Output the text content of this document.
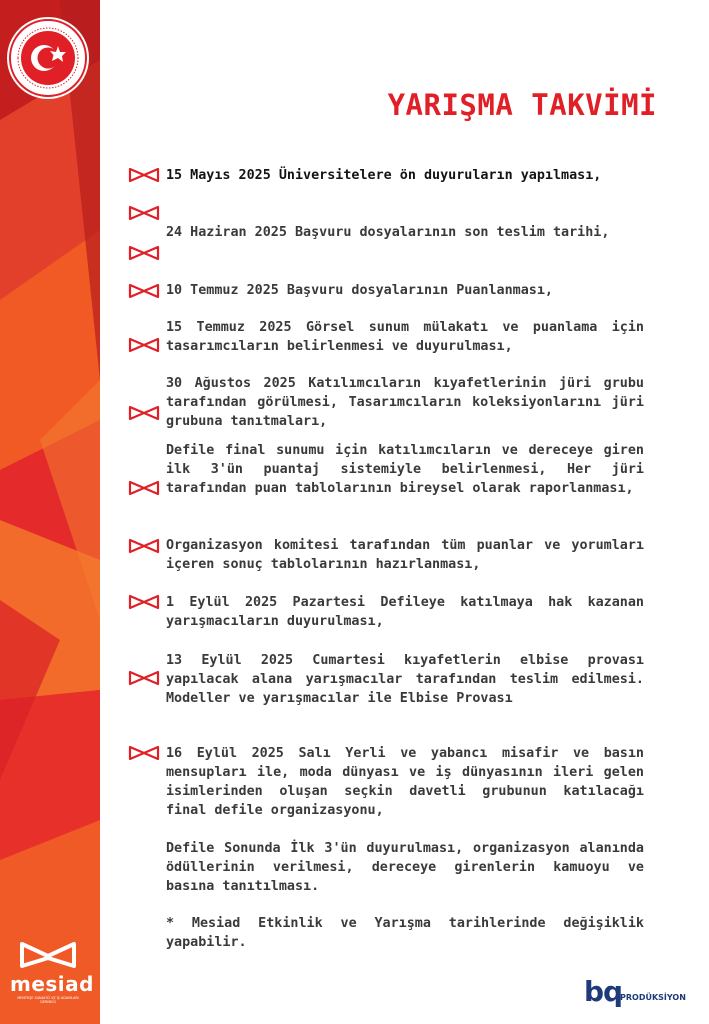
mesiad
MENTEŞE SANAYİCİ VE İŞ ADAMLARI DERNEĞİ
YARIŞMA TAKVİMİ
15 Mayıs 2025 Üniversitelere ön duyuruların yapılması,
24 Haziran 2025 Başvuru dosyalarının son teslim tarihi,
10 Temmuz 2025 Başvuru dosyalarının Puanlanması,
15 Temmuz 2025 Görsel sunum mülakatı ve puanlama için tasarımcıların belirlenmesi ve duyurulması,
30 Ağustos 2025 Katılımcıların kıyafetlerinin jüri grubu tarafından görülmesi, Tasarımcıların koleksiyonlarını jüri grubuna tanıtmaları,
Defile final sunumu için katılımcıların ve dereceye giren ilk 3'ün puantaj sistemiyle belirlenmesi, Her jüri tarafından puan tablolarının bireysel olarak raporlanması,
Organizasyon komitesi tarafından tüm puanlar ve yorumları içeren sonuç tablolarının hazırlanması,
1 Eylül 2025 Pazartesi Defileye katılmaya hak kazanan yarışmacıların duyurulması,
13 Eylül 2025 Cumartesi kıyafetlerin elbise provası yapılacak alana yarışmacılar tarafından teslim edilmesi. Modeller ve yarışmacılar ile Elbise Provası
16 Eylül 2025 Salı Yerli ve yabancı misafir ve basın mensupları ile, moda dünyası ve iş dünyasının ileri gelen isimlerinden oluşan seçkin davetli grubunun katılacağı final defile organizasyonu,
Defile Sonunda İlk 3'ün duyurulması, organizasyon alanında ödüllerinin verilmesi, dereceye girenlerin kamuoyu ve basına tanıtılması.
* Mesiad Etkinlik ve Yarışma tarihlerinde değişiklik yapabilir.
bq
PRODÜKSİYON
